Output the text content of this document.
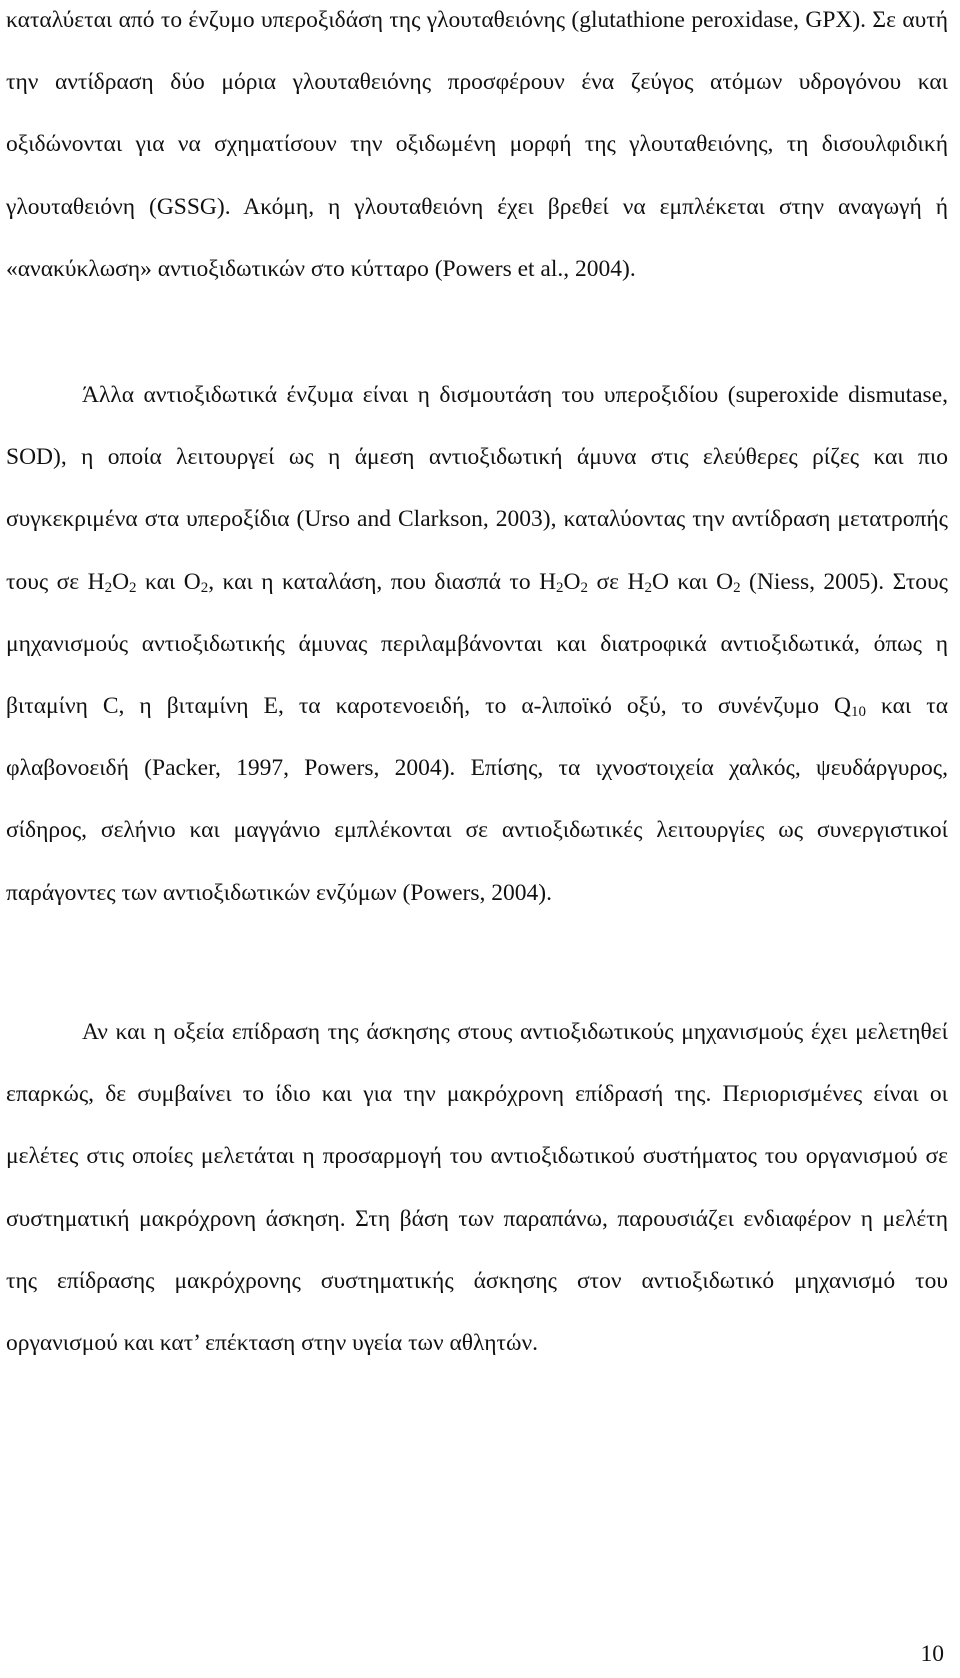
καταλύεται από το ένζυμο υπεροξιδάση της γλουταθειόνης (glutathione peroxidase, GPX). Σε αυτή την αντίδραση δύο μόρια γλουταθειόνης προσφέρουν ένα ζεύγος ατόμων υδρογόνου και οξιδώνονται για να σχηματίσουν την οξιδωμένη μορφή της γλουταθειόνης, τη δισουλφιδική γλουταθειόνη (GSSG). Ακόμη, η γλουταθειόνη έχει βρεθεί να εμπλέκεται στην αναγωγή ή «ανακύκλωση» αντιοξιδωτικών στο κύτταρο (Powers et al., 2004).

Άλλα αντιοξιδωτικά ένζυμα είναι η δισμουτάση του υπεροξιδίου (superoxide dismutase, SOD), η οποία λειτουργεί ως η άμεση αντιοξιδωτική άμυνα στις ελεύθερες ρίζες και πιο συγκεκριμένα στα υπεροξίδια (Urso and Clarkson, 2003), καταλύοντας την αντίδραση μετατροπής τους σε $H_2O_2$ και $O_2$, και η καταλάση, που διασπά το $H_2O_2$ σε $H_2O$ και $O_2$ (Niess, 2005). Στους μηχανισμούς αντιοξιδωτικής άμυνας περιλαμβάνονται και διατροφικά αντιοξιδωτικά, όπως η βιταμίνη C, η βιταμίνη E, τα καροτενοειδή, το α-λιποϊκό οξύ, το συνένζυμο $Q_{10}$ και τα φλαβονοειδή (Packer, 1997, Powers, 2004). Επίσης, τα ιχνοστοιχεία χαλκός, ψευδάργυρος, σίδηρος, σελήνιο και μαγγάνιο εμπλέκονται σε αντιοξιδωτικές λειτουργίες ως συνεργιστικοί παράγοντες των αντιοξιδωτικών ενζύμων (Powers, 2004).

Αν και η οξεία επίδραση της άσκησης στους αντιοξιδωτικούς μηχανισμούς έχει μελετηθεί επαρκώς, δε συμβαίνει το ίδιο και για την μακρόχρονη επίδρασή της. Περιορισμένες είναι οι μελέτες στις οποίες μελετάται η προσαρμογή του αντιοξιδωτικού συστήματος του οργανισμού σε συστηματική μακρόχρονη άσκηση. Στη βάση των παραπάνω, παρουσιάζει ενδιαφέρον η μελέτη της επίδρασης μακρόχρονης συστηματικής άσκησης στον αντιοξιδωτικό μηχανισμό του οργανισμού και κατ’ επέκταση στην υγεία των αθλητών.

10
